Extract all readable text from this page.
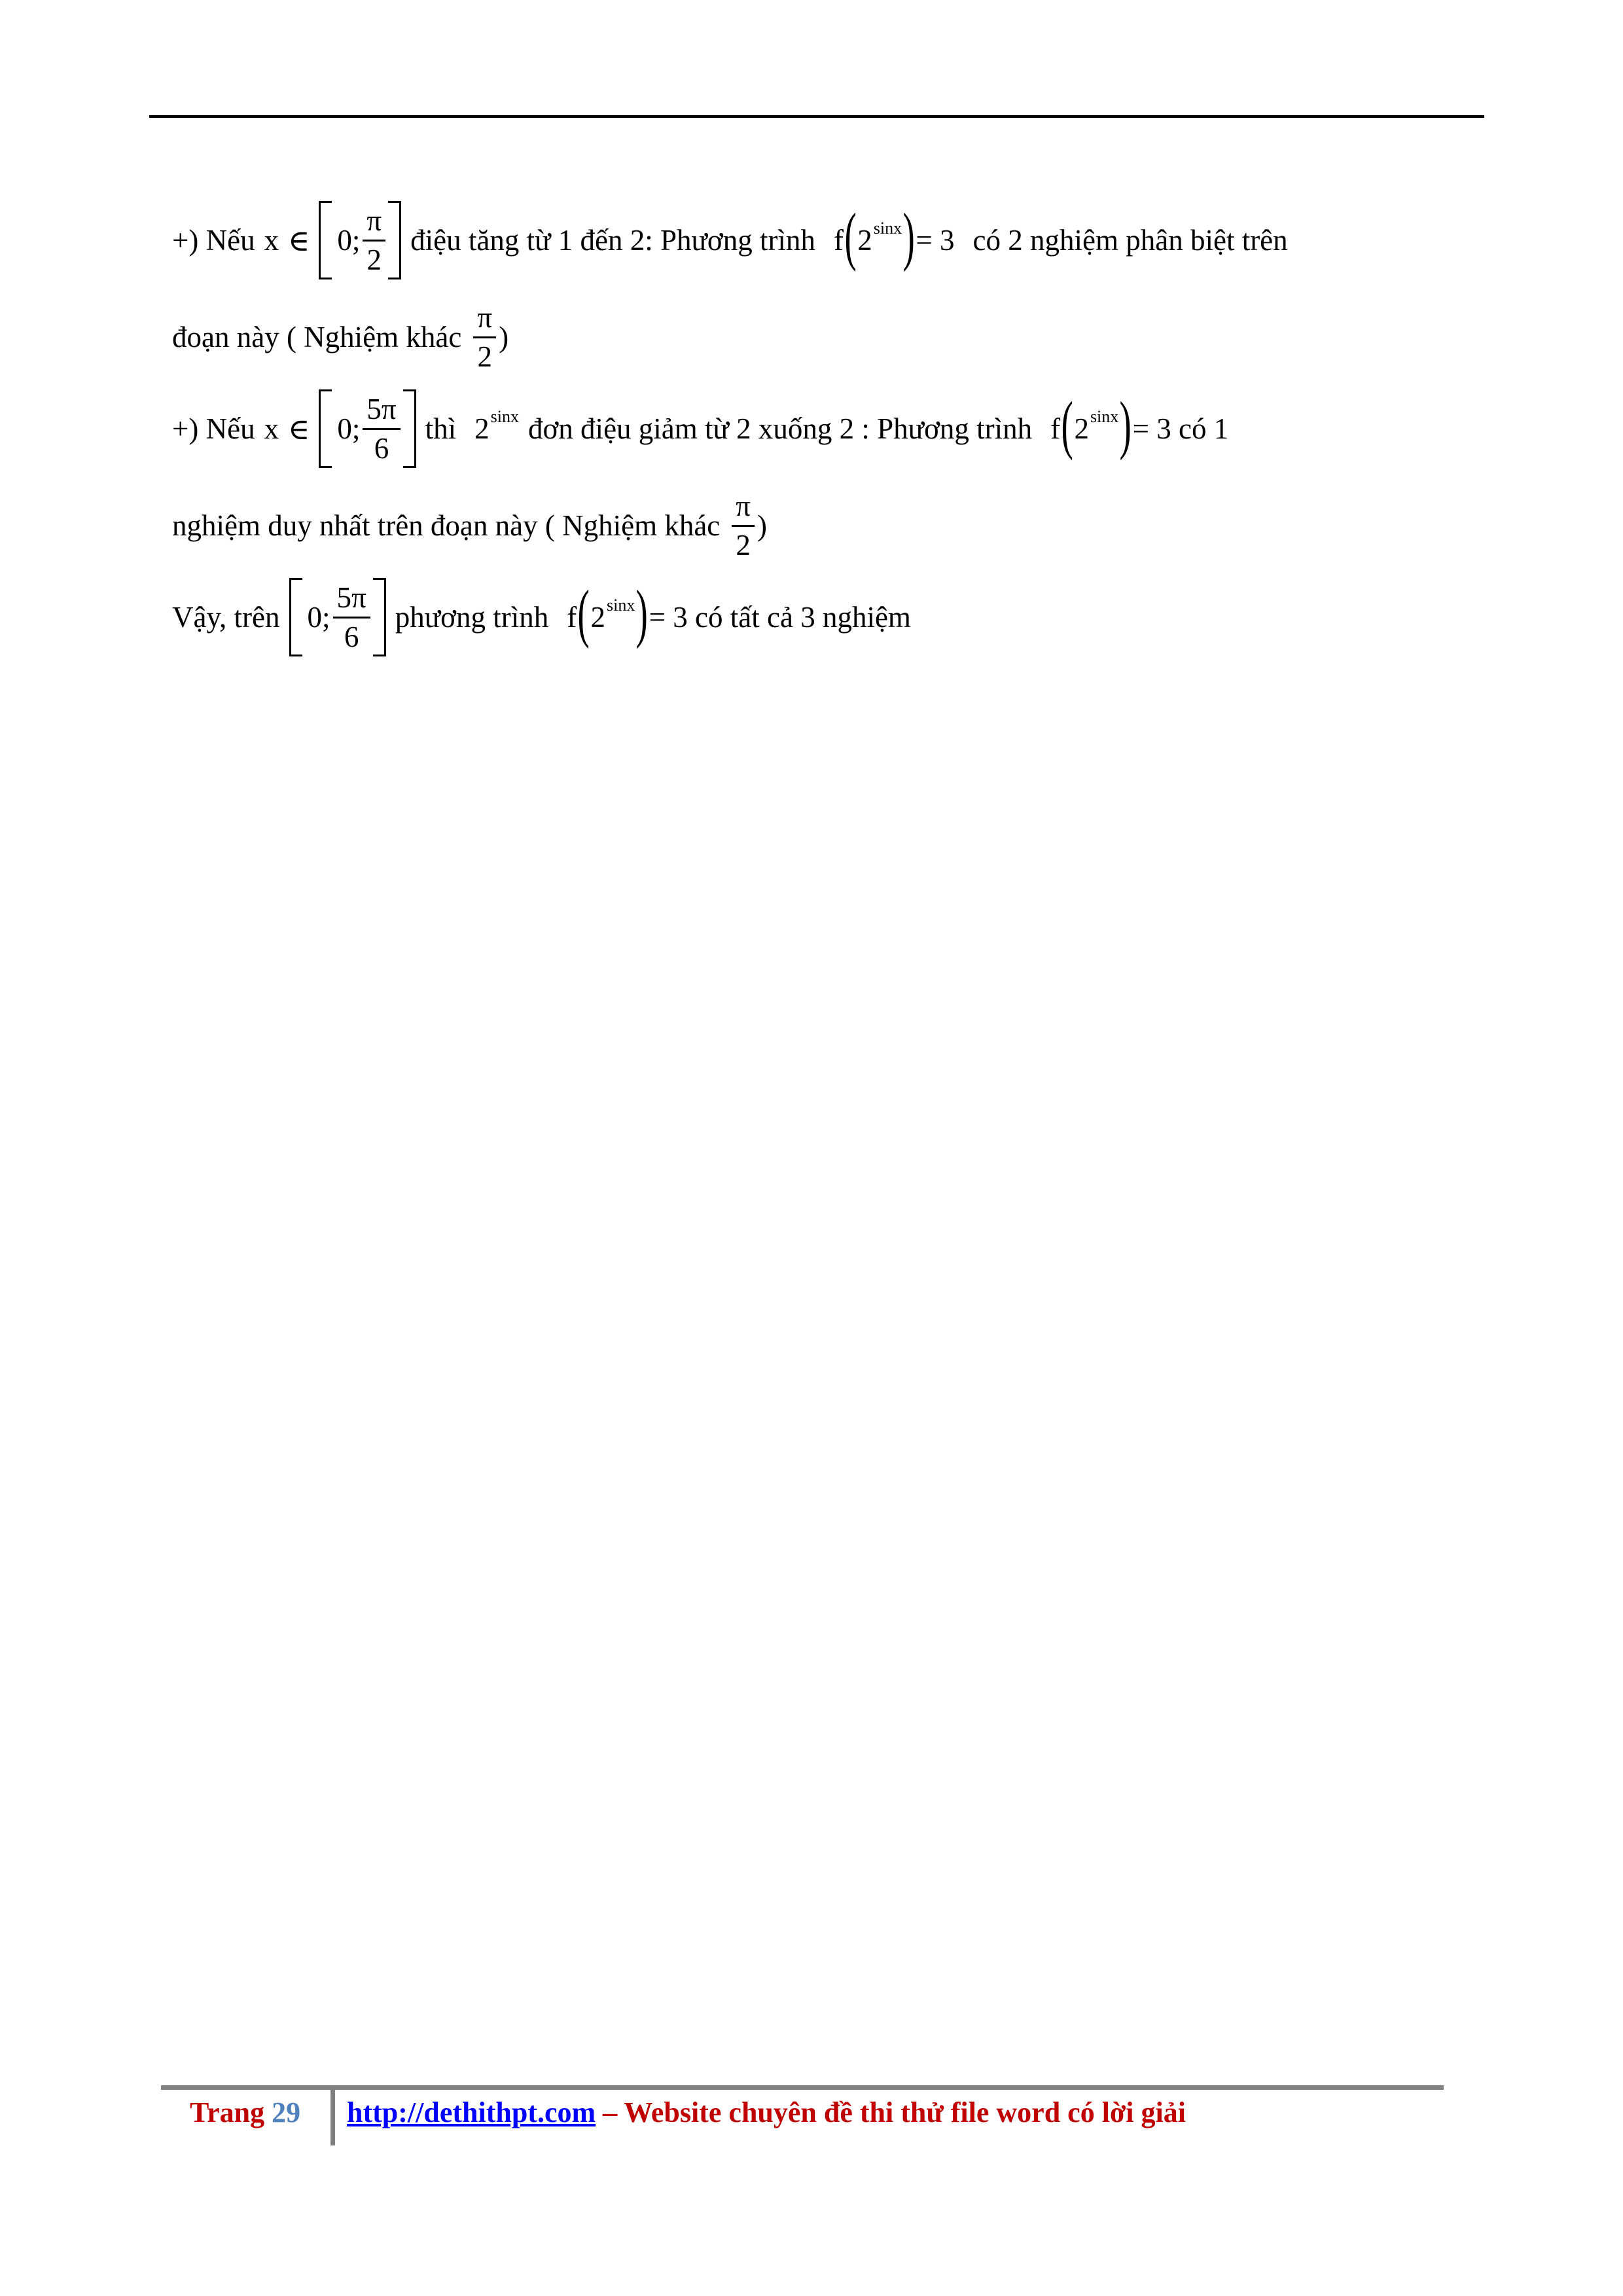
+) Nếu x ∈ 0; $\frac{\pi}{2}$ điệu tăng từ 1 đến 2: Phương trình f ( $2^{sinx}$ ) = 3 có 2 nghiệm phân biệt trên
đoạn này ( Nghiệm khác $\frac{\pi}{2}$ )
+) Nếu x ∈ 0; $\frac{5\pi}{6}$ thì $2^{sinx}$ đơn điệu giảm từ 2 xuống 2 : Phương trình f ( $2^{sinx}$ ) = 3 có 1
nghiệm duy nhất trên đoạn này ( Nghiệm khác $\frac{\pi}{2}$ )
Vậy, trên 0; $\frac{5\pi}{6}$ phương trình f ( $2^{sinx}$ ) = 3 có tất cả 3 nghiệm
Trang
29 http://dethithpt.com
– Website chuyên đề thi thử file word có lời giải
